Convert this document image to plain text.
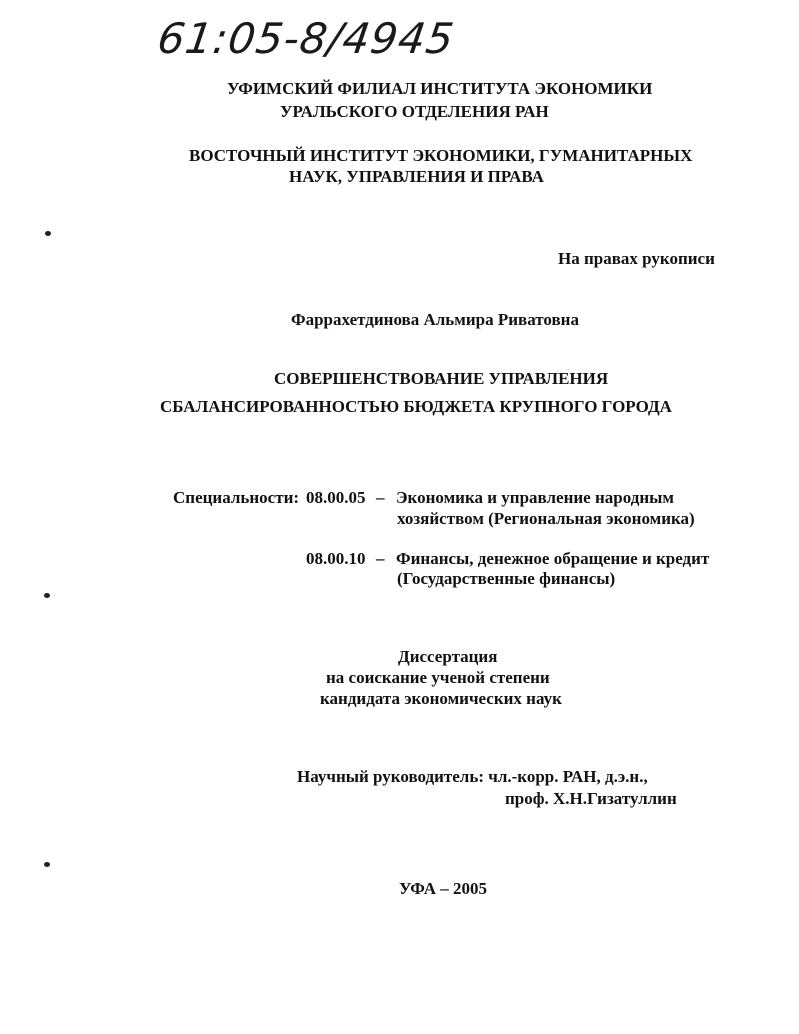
61:05-8/4945
УФИМСКИЙ ФИЛИАЛ ИНСТИТУТА ЭКОНОМИКИ
УРАЛЬСКОГО ОТДЕЛЕНИЯ РАН
ВОСТОЧНЫЙ ИНСТИТУТ ЭКОНОМИКИ, ГУМАНИТАРНЫХ
НАУК, УПРАВЛЕНИЯ И ПРАВА
На правах рукописи
Фаррахетдинова Альмира Риватовна
СОВЕРШЕНСТВОВАНИЕ УПРАВЛЕНИЯ
СБАЛАНСИРОВАННОСТЬЮ БЮДЖЕТА КРУПНОГО ГОРОДА
Специальности: 08.00.05 – Экономика и управление народным
хозяйством (Региональная экономика)
08.00.10 – Финансы, денежное обращение и кредит
(Государственные финансы)
Диссертация
на соискание ученой степени
кандидата экономических наук
Научный руководитель: чл.-корр. РАН, д.э.н.,
проф. Х.Н.Гизатуллин
УФА – 2005
